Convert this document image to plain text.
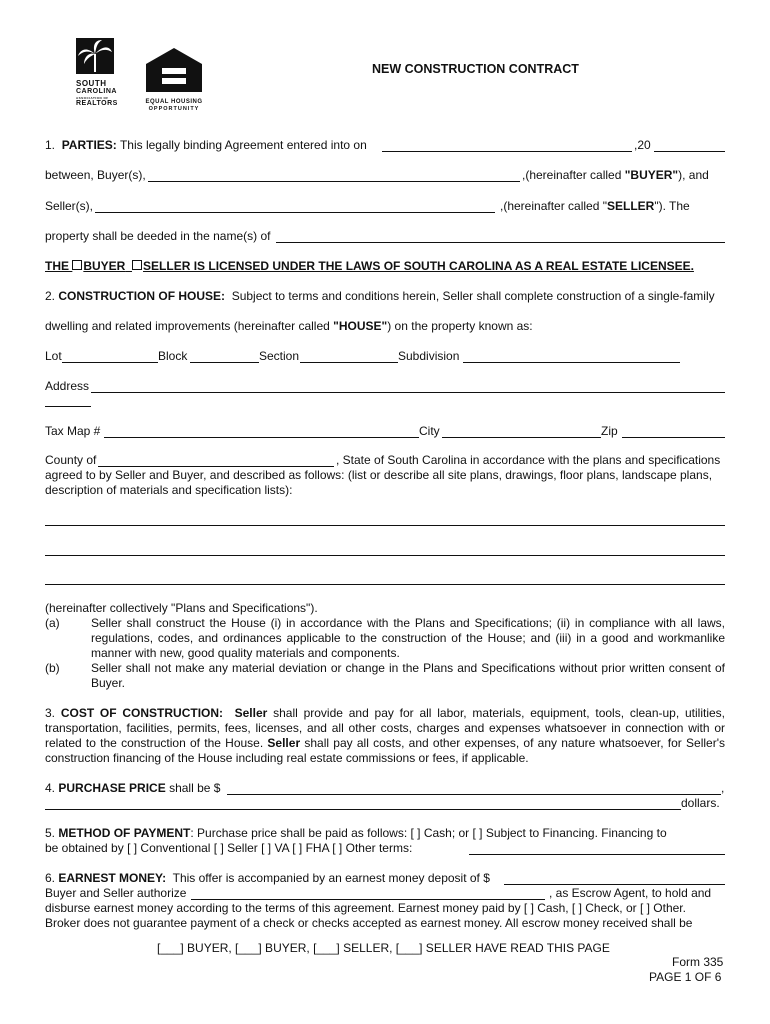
SOUTH
CAROLINA
ASSOCIATION OF
REALTORS	EQUAL HOUSING
OPPORTUNITY
NEW CONSTRUCTION CONTRACT
1. PARTIES: This legally binding Agreement entered into on	,20
between, Buyer(s),	,(hereinafter called "BUYER"), and
Seller(s),	,(hereinafter called "SELLER"). The
property shall be deeded in the name(s) of
THE BUYER SELLER IS LICENSED UNDER THE LAWS OF SOUTH CAROLINA AS A REAL ESTATE LICENSEE.
2. CONSTRUCTION OF HOUSE: Subject to terms and conditions herein, Seller shall complete construction of a single-family
dwelling and related improvements (hereinafter called "HOUSE") on the property known as:
Lot	Block	Section	Subdivision
Address
Tax Map #	City	Zip
County of	, State of South Carolina in accordance with the plans and specifications
agreed to by Seller and Buyer, and described as follows: (list or describe all site plans, drawings, floor plans, landscape plans,
description of materials and specification lists):
(hereinafter collectively "Plans and Specifications").
(a)	Seller shall construct the House (i) in accordance with the Plans and Specifications; (ii) in compliance with all laws, regulations, codes, and ordinances applicable to the construction of the House; and (iii) in a good and workmanlike manner with new, good quality materials and components.
(b)	Seller shall not make any material deviation or change in the Plans and Specifications without prior written consent of Buyer.
3. COST OF CONSTRUCTION: Seller shall provide and pay for all labor, materials, equipment, tools, clean-up, utilities, transportation, facilities, permits, fees, licenses, and all other costs, charges and expenses whatsoever in connection with or related to the construction of the House. Seller shall pay all costs, and other expenses, of any nature whatsoever, for Seller's construction financing of the House including real estate commissions or fees, if applicable.
4. PURCHASE PRICE shall be $	,
dollars.
5. METHOD OF PAYMENT: Purchase price shall be paid as follows: [ ] Cash; or [ ] Subject to Financing. Financing to
be obtained by [ ] Conventional [ ] Seller [ ] VA [ ] FHA [ ] Other terms:
6. EARNEST MONEY: This offer is accompanied by an earnest money deposit of $
Buyer and Seller authorize	, as Escrow Agent, to hold and
disburse earnest money according to the terms of this agreement. Earnest money paid by [ ] Cash, [ ] Check, or [ ] Other.
Broker does not guarantee payment of a check or checks accepted as earnest money. All escrow money received shall be
[___] BUYER, [___] BUYER, [___] SELLER, [___] SELLER HAVE READ THIS PAGE
Form 335
PAGE 1 OF 6
